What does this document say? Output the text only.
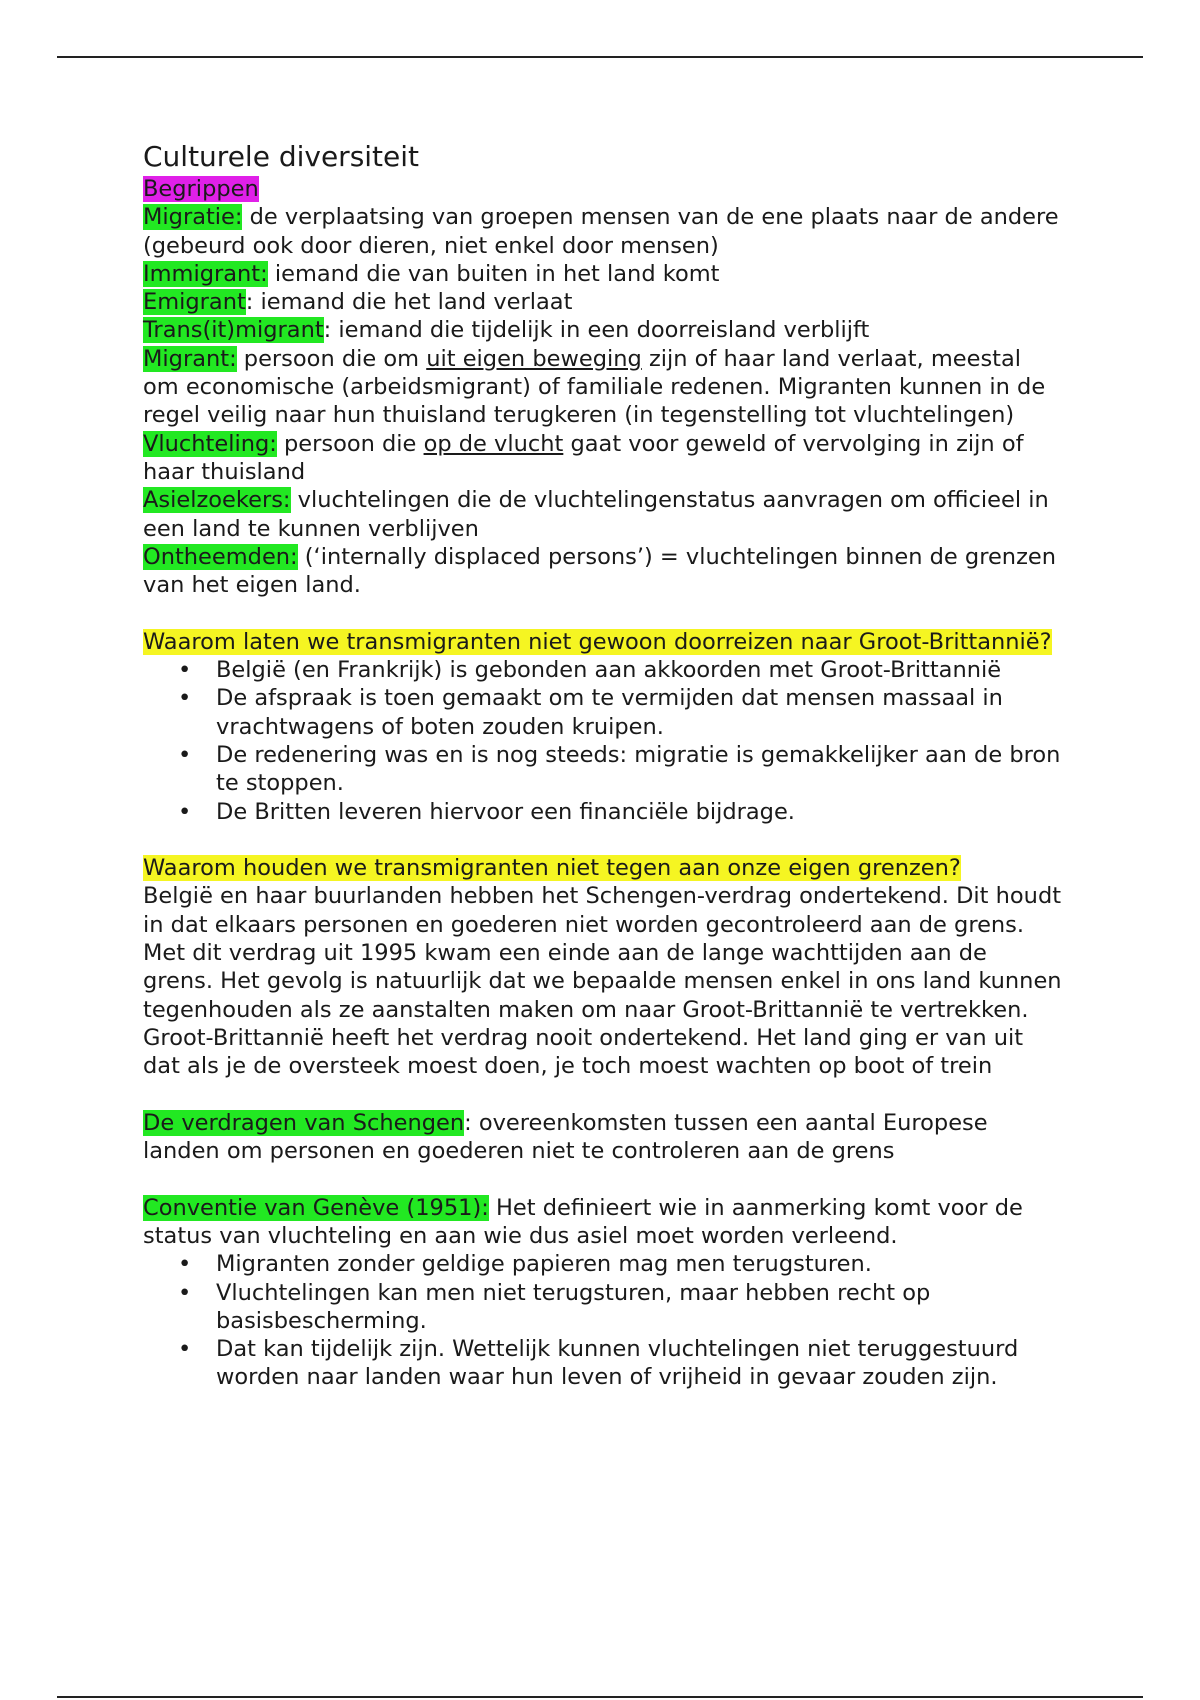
Culturele diversiteit

Begrippen

Migratie: de verplaatsing van groepen mensen van de ene plaats naar de andere (gebeurd ook door dieren, niet enkel door mensen)

Immigrant: iemand die van buiten in het land komt

Emigrant: iemand die het land verlaat

Trans(it)migrant: iemand die tijdelijk in een doorreisland verblijft

Migrant: persoon die om uit eigen beweging zijn of haar land verlaat, meestal om economische (arbeidsmigrant) of familiale redenen. Migranten kunnen in de regel veilig naar hun thuisland terugkeren (in tegenstelling tot vluchtelingen)

Vluchteling: persoon die op de vlucht gaat voor geweld of vervolging in zijn of haar thuisland

Asielzoekers: vluchtelingen die de vluchtelingenstatus aanvragen om officieel in een land te kunnen verblijven

Ontheemden: (‘internally displaced persons’) = vluchtelingen binnen de grenzen van het eigen land.

Waarom laten we transmigranten niet gewoon doorreizen naar Groot-Brittannië?

• België (en Frankrijk) is gebonden aan akkoorden met Groot-Brittannië
• De afspraak is toen gemaakt om te vermijden dat mensen massaal in vrachtwagens of boten zouden kruipen.
• De redenering was en is nog steeds: migratie is gemakkelijker aan de bron te stoppen.
• De Britten leveren hiervoor een financiële bijdrage.

Waarom houden we transmigranten niet tegen aan onze eigen grenzen?

België en haar buurlanden hebben het Schengen-verdrag ondertekend. Dit houdt in dat elkaars personen en goederen niet worden gecontroleerd aan de grens. Met dit verdrag uit 1995 kwam een einde aan de lange wachttijden aan de grens. Het gevolg is natuurlijk dat we bepaalde mensen enkel in ons land kunnen tegenhouden als ze aanstalten maken om naar Groot-Brittannië te vertrekken. Groot-Brittannië heeft het verdrag nooit ondertekend. Het land ging er van uit dat als je de oversteek moest doen, je toch moest wachten op boot of trein

De verdragen van Schengen: overeenkomsten tussen een aantal Europese landen om personen en goederen niet te controleren aan de grens

Conventie van Genève (1951): Het definieert wie in aanmerking komt voor de status van vluchteling en aan wie dus asiel moet worden verleend.

• Migranten zonder geldige papieren mag men terugsturen.
• Vluchtelingen kan men niet terugsturen, maar hebben recht op basisbescherming.
• Dat kan tijdelijk zijn. Wettelijk kunnen vluchtelingen niet teruggestuurd worden naar landen waar hun leven of vrijheid in gevaar zouden zijn.
